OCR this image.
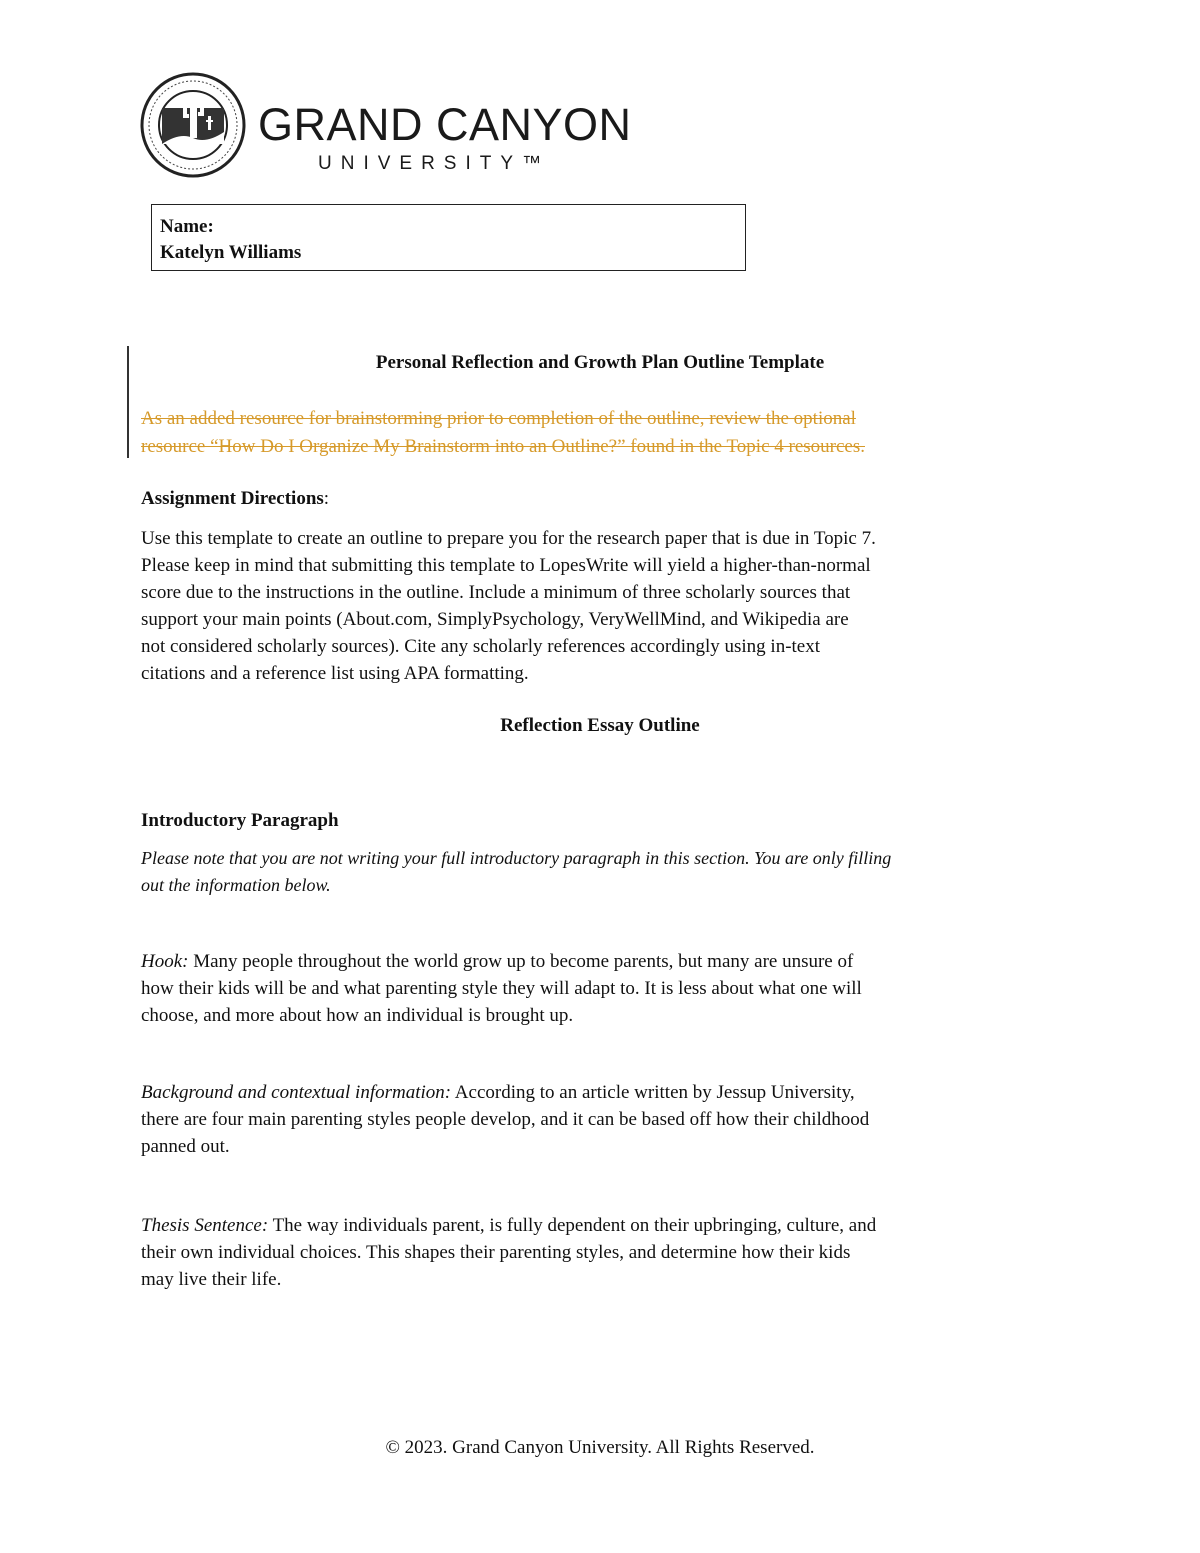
GRAND CANYON
UNIVERSITY™
Name:
Katelyn Williams
Personal Reflection and Growth Plan Outline Template
As an added resource for brainstorming prior to completion of the outline, review the optional
resource “How Do I Organize My Brainstorm into an Outline?” found in the Topic 4 resources.
Assignment Directions:
Use this template to create an outline to prepare you for the research paper that is due in Topic 7.
Please keep in mind that submitting this template to LopesWrite will yield a higher-than-normal
score due to the instructions in the outline. Include a minimum of three scholarly sources that
support your main points (About.com, SimplyPsychology, VeryWellMind, and Wikipedia are
not considered scholarly sources). Cite any scholarly references accordingly using in-text
citations and a reference list using APA formatting.
Reflection Essay Outline
Introductory Paragraph
Please note that you are not writing your full introductory paragraph in this section. You are only filling
out the information below.
Hook: Many people throughout the world grow up to become parents, but many are unsure of
how their kids will be and what parenting style they will adapt to. It is less about what one will
choose, and more about how an individual is brought up.
Background and contextual information: According to an article written by Jessup University,
there are four main parenting styles people develop, and it can be based off how their childhood
panned out.
Thesis Sentence: The way individuals parent, is fully dependent on their upbringing, culture, and
their own individual choices. This shapes their parenting styles, and determine how their kids
may live their life.
© 2023. Grand Canyon University. All Rights Reserved.
